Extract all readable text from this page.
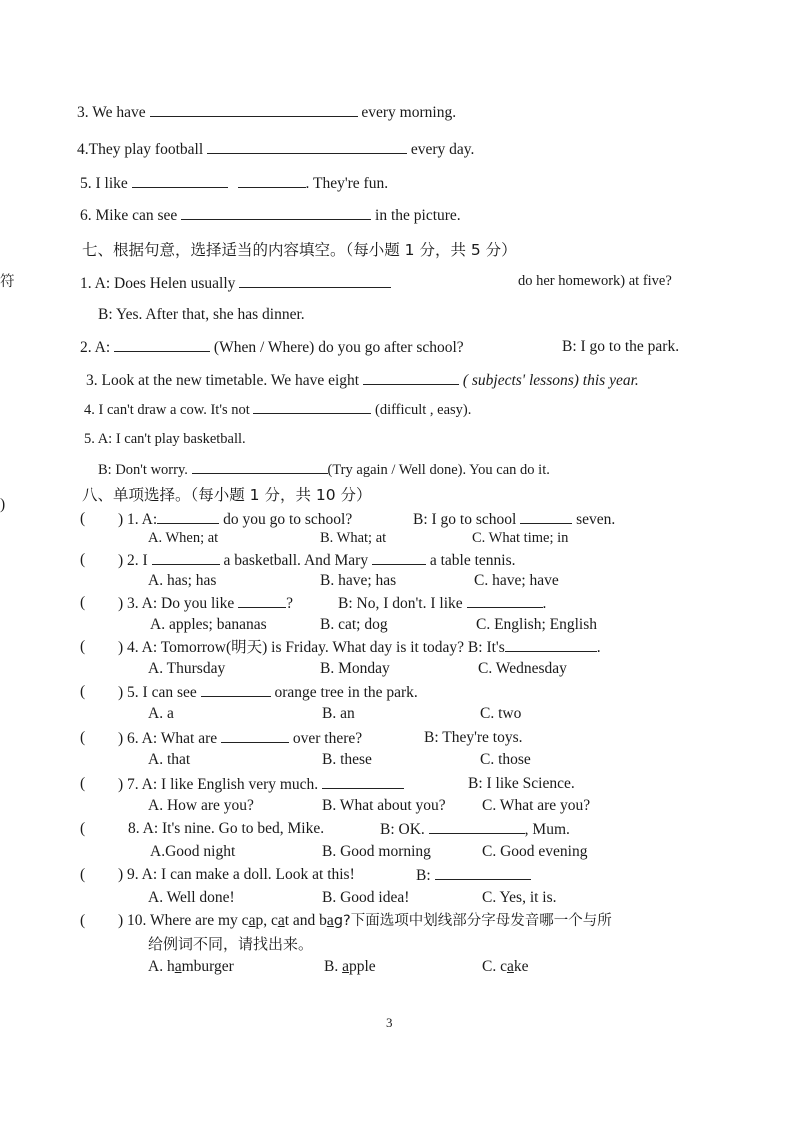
符
)
3. We have	every morning.
4.They play football	every day.
5. I like	. They're fun.
6. Mike can see	in the picture.
七、根据句意，选择适当的内容填空。（每小题 1 分，共 5 分）
1. A: Does Helen usually	do her homework) at five?
B: Yes. After that, she has dinner.
2. A:	(When / Where) do you go after school?	B: I go to the park.
3. Look at the new timetable. We have eight	( subjects' lessons) this year.
4. I can't draw a cow. It's not	(difficult , easy).
5. A: I can't play basketball.
B: Don't worry.	(Try again / Well done). You can do it.
八、单项选择。（每小题 1 分，共 10 分）
( ) 1. A:	do you go to school?	B: I go to school	seven.
A. When; at	B. What; at	C. What time; in
( ) 2. I	a basketball. And Mary	a table tennis.
A. has; has	B. have; has	C. have; have
( ) 3. A: Do you like	?	B: No, I don't. I like	.
A. apples; bananas	B. cat; dog	C. English; English
( ) 4. A: Tomorrow(明天) is Friday. What day is it today? B: It's	.
A. Thursday	B. Monday	C. Wednesday
( ) 5. I can see	orange tree in the park.
A. a	B. an	C. two
( ) 6. A: What are	over there?	B: They're toys.
A. that	B. these	C. those
( ) 7. A: I like English very much.	B: I like Science.
A. How are you?	B. What about you? C. What are you?
(	8. A: It's nine. Go to bed, Mike.	B: OK.	, Mum.
A.Good night	B. Good morning	C. Good evening
( ) 9. A: I can make a doll. Look at this!	B:
A. Well done!	B. Good idea!	C. Yes, it is.
( ) 10. Where are my cap, cat and bag?下面选项中划线部分字母发音哪一个与所
给例词不同，请找出来。
A. hamburger	B. apple	C. cake
3
